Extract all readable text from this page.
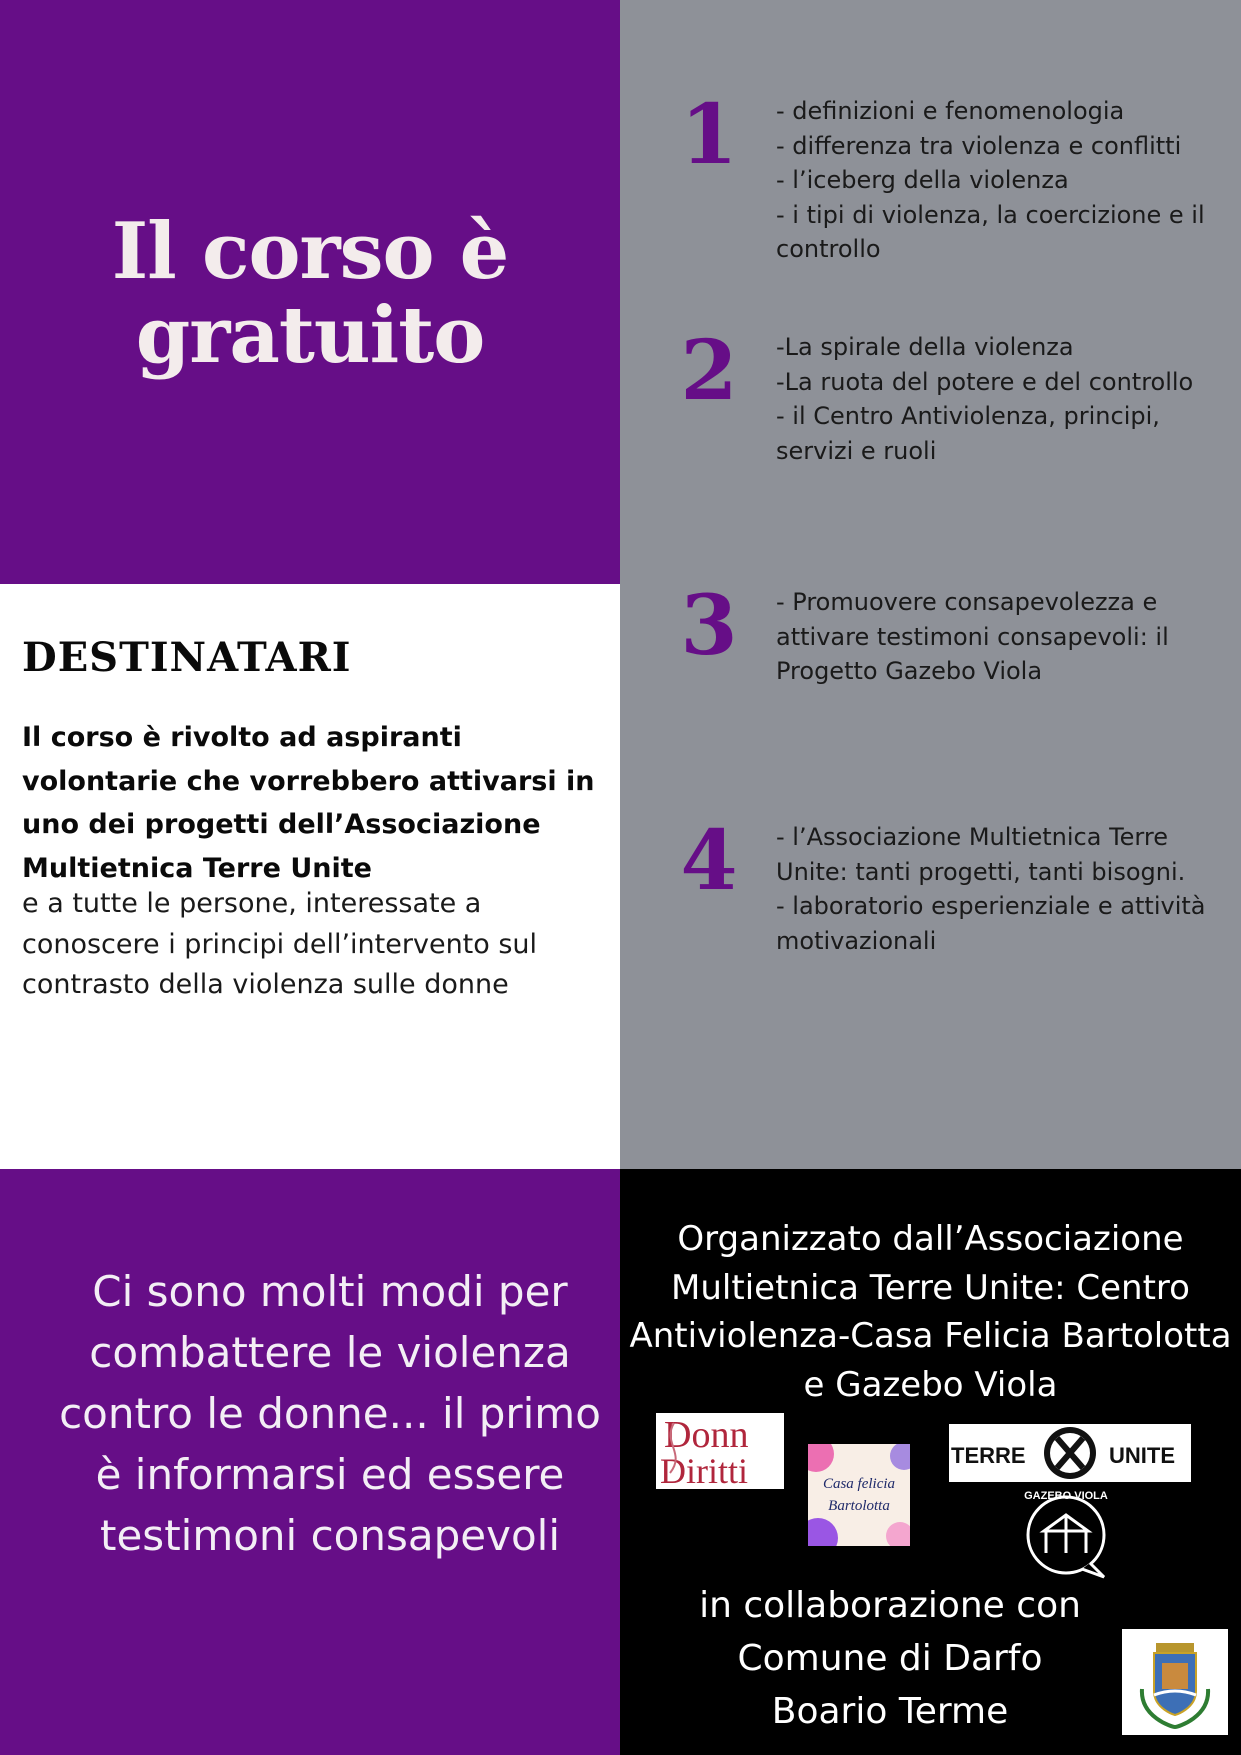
Il corso è gratuito
1	- definizioni e fenomenologia
- differenza tra violenza e conflitti
- l’iceberg della violenza
- i tipi di violenza, la coercizione e il controllo
2	-La spirale della violenza
-La ruota del potere e del controllo
- il Centro Antiviolenza, principi, servizi e ruoli
3	- Promuovere consapevolezza e attivare testimoni consapevoli: il Progetto Gazebo Viola
4	- l’Associazione Multietnica Terre Unite: tanti progetti, tanti bisogni.
- laboratorio esperienziale e attività motivazionali
DESTINATARI
Il corso è rivolto ad aspiranti volontarie che vorrebbero attivarsi in uno dei progetti dell’Associazione Multietnica Terre Unite
e a tutte le persone, interessate a conoscere i principi dell’intervento sul contrasto della violenza sulle donne
Ci sono molti modi per combattere le violenza contro le donne... il primo è informarsi ed essere testimoni consapevoli
Organizzato dall’Associazione Multietnica Terre Unite: Centro Antiviolenza-Casa Felicia Bartolotta e Gazebo Viola
Donn
Diritti	Casa felicia
Bartolotta
TERRE	UNITE
GAZEBO VIOLA
in collaborazione con
Comune di Darfo
Boario Terme
